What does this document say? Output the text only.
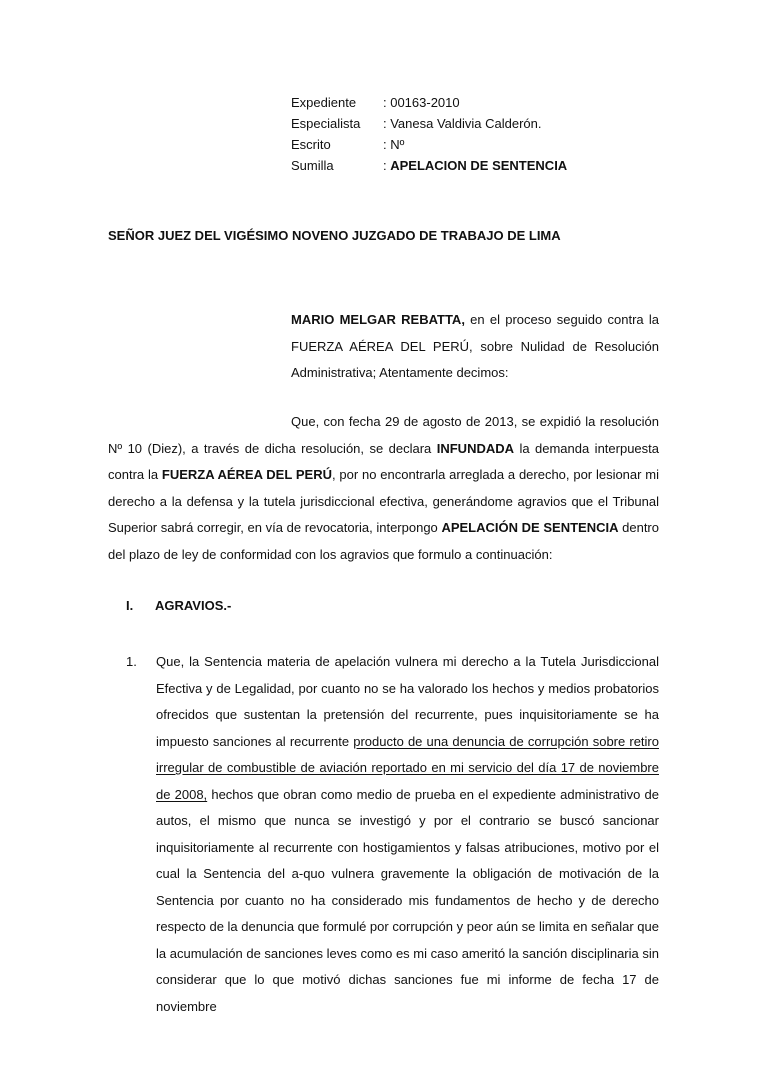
Expediente	: 00163-2010
Especialista	: Vanesa Valdivia Calderón.
Escrito	: Nº
Sumilla	: APELACION DE SENTENCIA
SEÑOR JUEZ DEL VIGÉSIMO NOVENO JUZGADO DE TRABAJO DE LIMA
MARIO MELGAR REBATTA, en el proceso seguido contra la
FUERZA AÉREA DEL PERÚ, sobre Nulidad de Resolución
Administrativa; Atentamente decimos:
Que, con fecha 29 de agosto de 2013, se expidió la resolución Nº 10 (Diez), a través de dicha resolución, se declara INFUNDADA la demanda interpuesta contra la FUERZA AÉREA DEL PERÚ, por no encontrarla arreglada a derecho, por lesionar mi derecho a la defensa y la tutela jurisdiccional efectiva, generándome agravios que el Tribunal Superior sabrá corregir, en vía de revocatoria, interpongo APELACIÓN DE SENTENCIA dentro del plazo de ley de conformidad con los agravios que formulo a continuación:
I. AGRAVIOS.-
1. Que, la Sentencia materia de apelación vulnera mi derecho a la Tutela Jurisdiccional Efectiva y de Legalidad, por cuanto no se ha valorado los hechos y medios probatorios ofrecidos que sustentan la pretensión del recurrente, pues inquisitoriamente se ha impuesto sanciones al recurrente producto de una denuncia de corrupción sobre retiro irregular de combustible de aviación reportado en mi servicio del día 17 de noviembre de 2008, hechos que obran como medio de prueba en el expediente administrativo de autos, el mismo que nunca se investigó y por el contrario se buscó sancionar inquisitoriamente al recurrente con hostigamientos y falsas atribuciones, motivo por el cual la Sentencia del a-quo vulnera gravemente la obligación de motivación de la Sentencia por cuanto no ha considerado mis fundamentos de hecho y de derecho respecto de la denuncia que formulé por corrupción y peor aún se limita en señalar que la acumulación de sanciones leves como es mi caso ameritó la sanción disciplinaria sin considerar que lo que motivó dichas sanciones fue mi informe de fecha 17 de noviembre
